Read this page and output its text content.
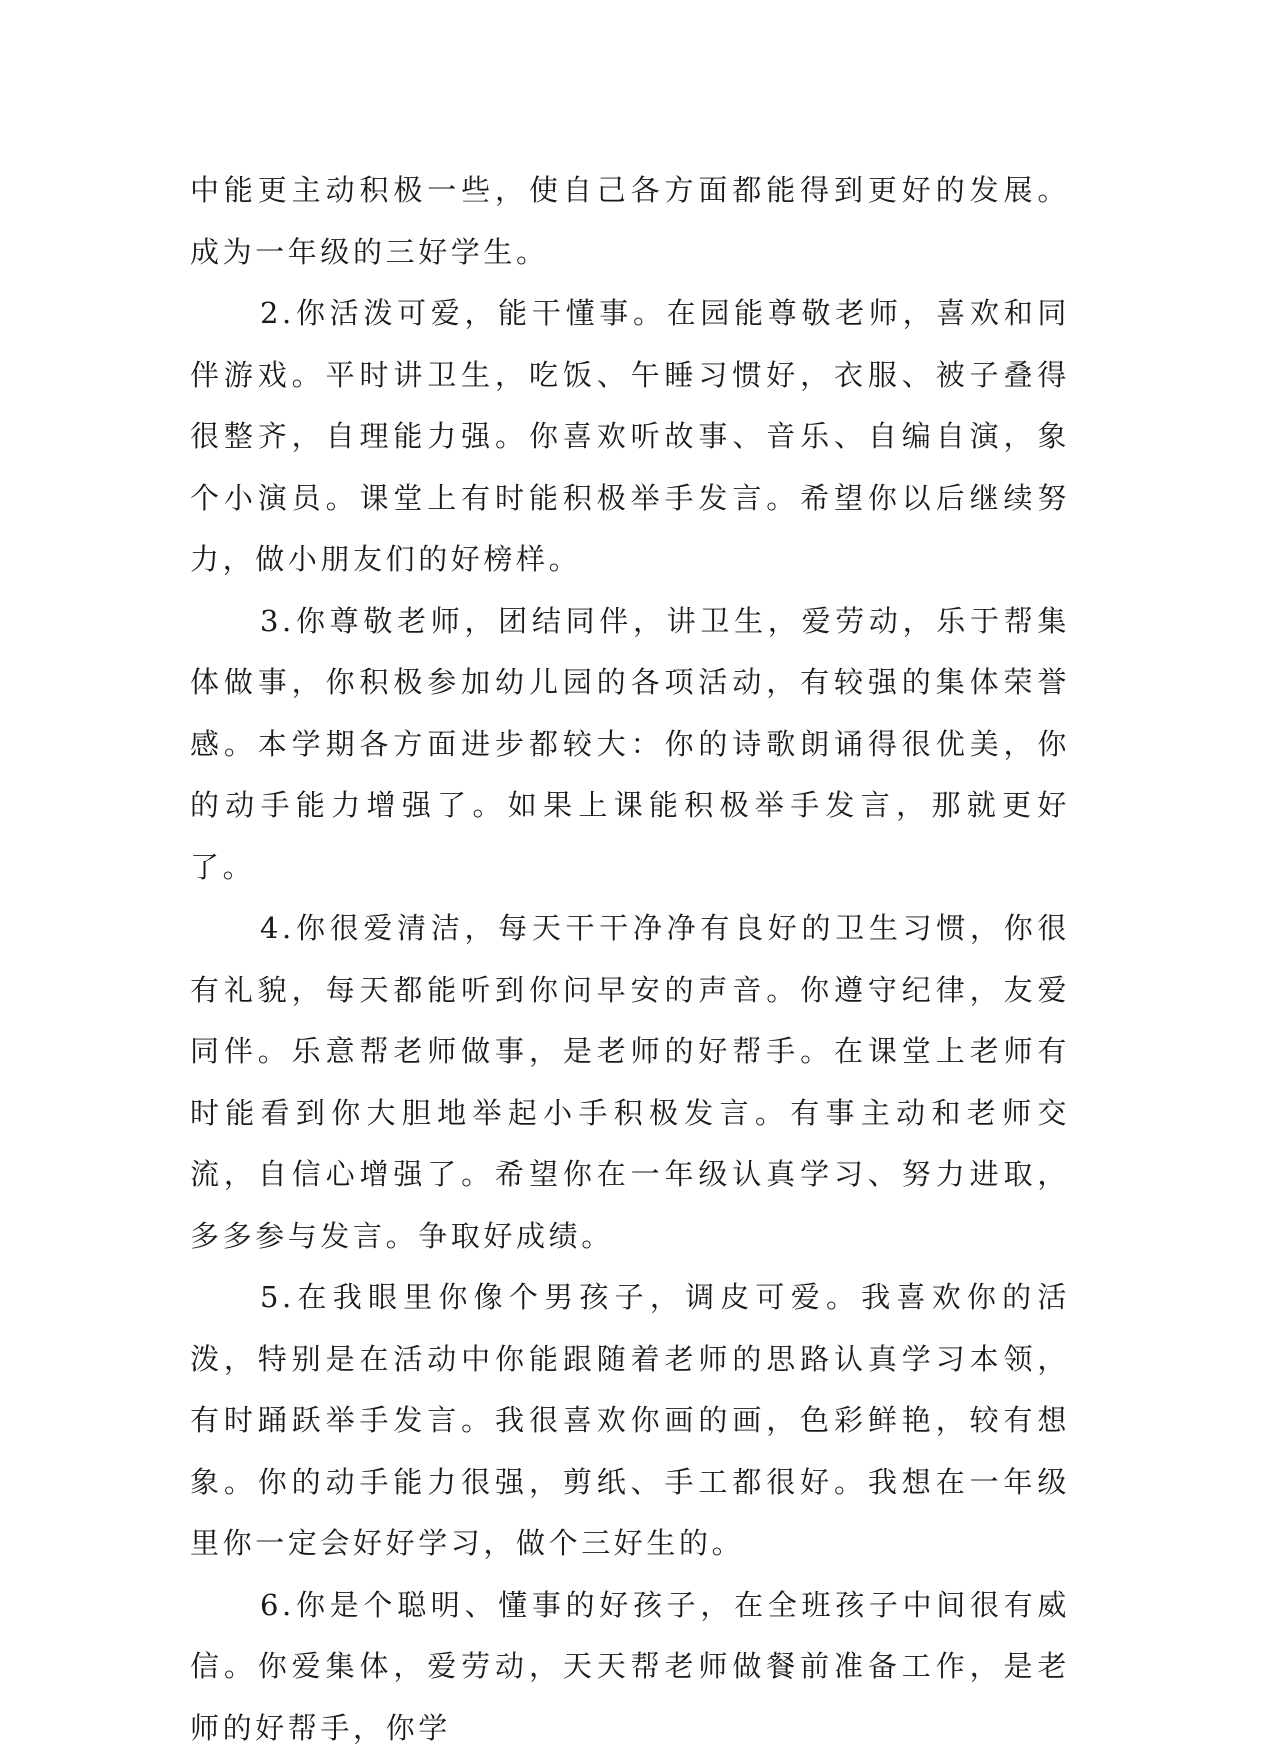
中能更主动积极一些，使自己各方面都能得到更好的发展。成为一年级的三好学生。

2.你活泼可爱，能干懂事。在园能尊敬老师，喜欢和同伴游戏。平时讲卫生，吃饭、午睡习惯好，衣服、被子叠得很整齐，自理能力强。你喜欢听故事、音乐、自编自演，象个小演员。课堂上有时能积极举手发言。希望你以后继续努力，做小朋友们的好榜样。

3.你尊敬老师，团结同伴，讲卫生，爱劳动，乐于帮集体做事，你积极参加幼儿园的各项活动，有较强的集体荣誉感。本学期各方面进步都较大：你的诗歌朗诵得很优美，你的动手能力增强了。如果上课能积极举手发言，那就更好了。

4.你很爱清洁，每天干干净净有良好的卫生习惯，你很有礼貌，每天都能听到你问早安的声音。你遵守纪律，友爱同伴。乐意帮老师做事，是老师的好帮手。在课堂上老师有时能看到你大胆地举起小手积极发言。有事主动和老师交流，自信心增强了。希望你在一年级认真学习、努力进取，多多参与发言。争取好成绩。

5.在我眼里你像个男孩子，调皮可爱。我喜欢你的活泼，特别是在活动中你能跟随着老师的思路认真学习本领，有时踊跃举手发言。我很喜欢你画的画，色彩鲜艳，较有想象。你的动手能力很强，剪纸、手工都很好。我想在一年级里你一定会好好学习，做个三好生的。

6.你是个聪明、懂事的好孩子，在全班孩子中间很有威信。你爱集体，爱劳动，天天帮老师做餐前准备工作，是老师的好帮手，你学
